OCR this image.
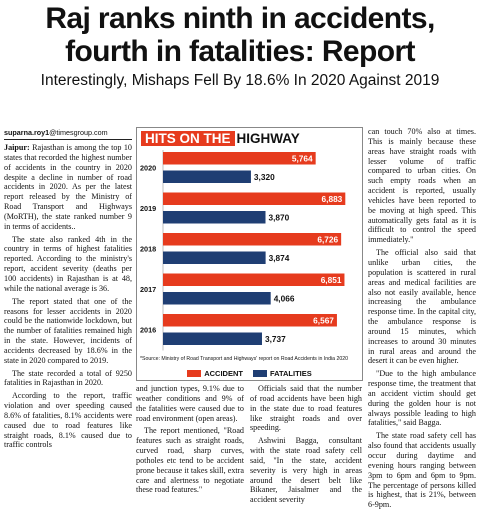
Raj ranks ninth in accidents,
fourth in fatalities: Report
Interestingly, Mishaps Fell By 18.6% In 2020 Against 2019
suparna.roy1@timesgroup.com

Jaipur: Rajasthan is among the top 10 states that recorded the highest number of accidents in the country in 2020 despite a decline in number of road accidents in 2020. As per the latest report released by the Ministry of Road Transport and Highways (MoRTH), the state ranked number 9 in terms of accidents..

The state also ranked 4th in the country in terms of highest fatalities reported. According to the ministry's report, accident severity (deaths per 100 accidents) in Rajasthan is at 48, while the national average is 36.

The report stated that one of the reasons for lesser accidents in 2020 could be the nationwide lockdown, but the number of fatalities remained high in the state. However, incidents of accidents decreased by 18.6% in the state in 2020 compared to 2019.

The state recorded a total of 9250 fatalities in Rajasthan in 2020.

According to the report, traffic violation and over speeding caused 8.6% of fatalities, 8.1% accidents were caused due to road features like straight roads, 8.1% caused due to traffic controls

HITS ON THE HIGHWAY
2020
5,764
3,320
2019
6,883
3,870
2018
6,726
3,874
2017
6,851
4,066
2016
6,567
3,737
*Source: Ministry of Road Transport and Highways' report on Road Accidents in India 2020
ACCIDENT	FATALITIES

and junction types, 9.1% due to weather conditions and 9% of the fatalities were caused due to road environment (open areas).

The report mentioned, "Road features such as straight roads, curved road, sharp curves, potholes etc tend to be accident prone because it takes skill, extra care and alertness to negotiate these road features."

Officials said that the number of road accidents have been high in the state due to road features like straight roads and over speeding.

Ashwini Bagga, consultant with the state road safety cell said, "In the state, accident severity is very high in areas around the desert belt like Bikaner, Jaisalmer and the accident severity

can touch 70% also at times. This is mainly because these areas have straight roads with lesser volume of traffic compared to urban cities. On such empty roads when an accident is reported, usually vehicles have been reported to be moving at high speed. This automatically gets fatal as it is difficult to control the speed immediately."

The official also said that unlike urban cities, the population is scattered in rural areas and medical facilities are also not easily available, hence increasing the ambulance response time. In the capital city, the ambulance response is around 15 minutes, which increases to around 30 minutes in rural areas and around the desert it can be even higher.

"Due to the high ambulance response time, the treatment that an accident victim should get during the golden hour is not always possible leading to high fatalities," said Bagga.

The state road safety cell has also found that accidents usually occur during daytime and evening hours ranging between 3pm to 6pm and 6pm to 9pm. The percentage of persons killed is highest, that is 21%, between 6-9pm.
